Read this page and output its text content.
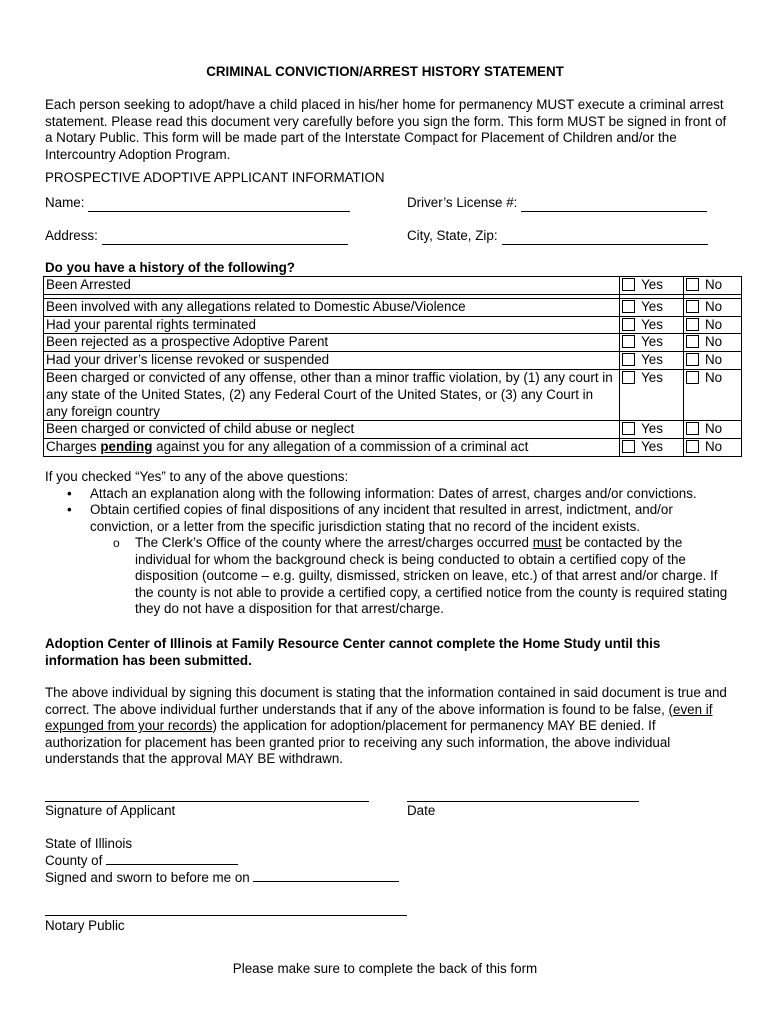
CRIMINAL CONVICTION/ARREST HISTORY STATEMENT
Each person seeking to adopt/have a child placed in his/her home for permanency MUST execute a criminal arrest statement. Please read this document very carefully before you sign the form. This form MUST be signed in front of a Notary Public. This form will be made part of the Interstate Compact for Placement of Children and/or the Intercountry Adoption Program.
PROSPECTIVE ADOPTIVE APPLICANT INFORMATION
Name:	Driver’s License #:
Address:	City, State, Zip:
Do you have a history of the following?
Been Arrested	Yes	No

Been involved with any allegations related to Domestic Abuse/Violence	Yes	No
Had your parental rights terminated	Yes	No
Been rejected as a prospective Adoptive Parent	Yes	No
Had your driver’s license revoked or suspended	Yes	No
Been charged or convicted of any offense, other than a minor traffic violation, by (1) any court in any state of the United States, (2) any Federal Court of the United States, or (3) any Court in any foreign country	Yes	No
Been charged or convicted of child abuse or neglect	Yes	No
Charges pending against you for any allegation of a commission of a criminal act	Yes	No
If you checked “Yes” to any of the above questions:
• Attach an explanation along with the following information: Dates of arrest, charges and/or convictions.
• Obtain certified copies of final dispositions of any incident that resulted in arrest, indictment, and/or conviction, or a letter from the specific jurisdiction stating that no record of the incident exists.
o The Clerk’s Office of the county where the arrest/charges occurred must be contacted by the individual for whom the background check is being conducted to obtain a certified copy of the disposition (outcome – e.g. guilty, dismissed, stricken on leave, etc.) of that arrest and/or charge. If the county is not able to provide a certified copy, a certified notice from the county is required stating they do not have a disposition for that arrest/charge.
Adoption Center of Illinois at Family Resource Center cannot complete the Home Study until this information has been submitted.
The above individual by signing this document is stating that the information contained in said document is true and correct. The above individual further understands that if any of the above information is found to be false, (even if expunged from your records) the application for adoption/placement for permanency MAY BE denied. If authorization for placement has been granted prior to receiving any such information, the above individual understands that the approval MAY BE withdrawn.
Signature of Applicant	Date
State of Illinois
County of
Signed and sworn to before me on
Notary Public
Please make sure to complete the back of this form
